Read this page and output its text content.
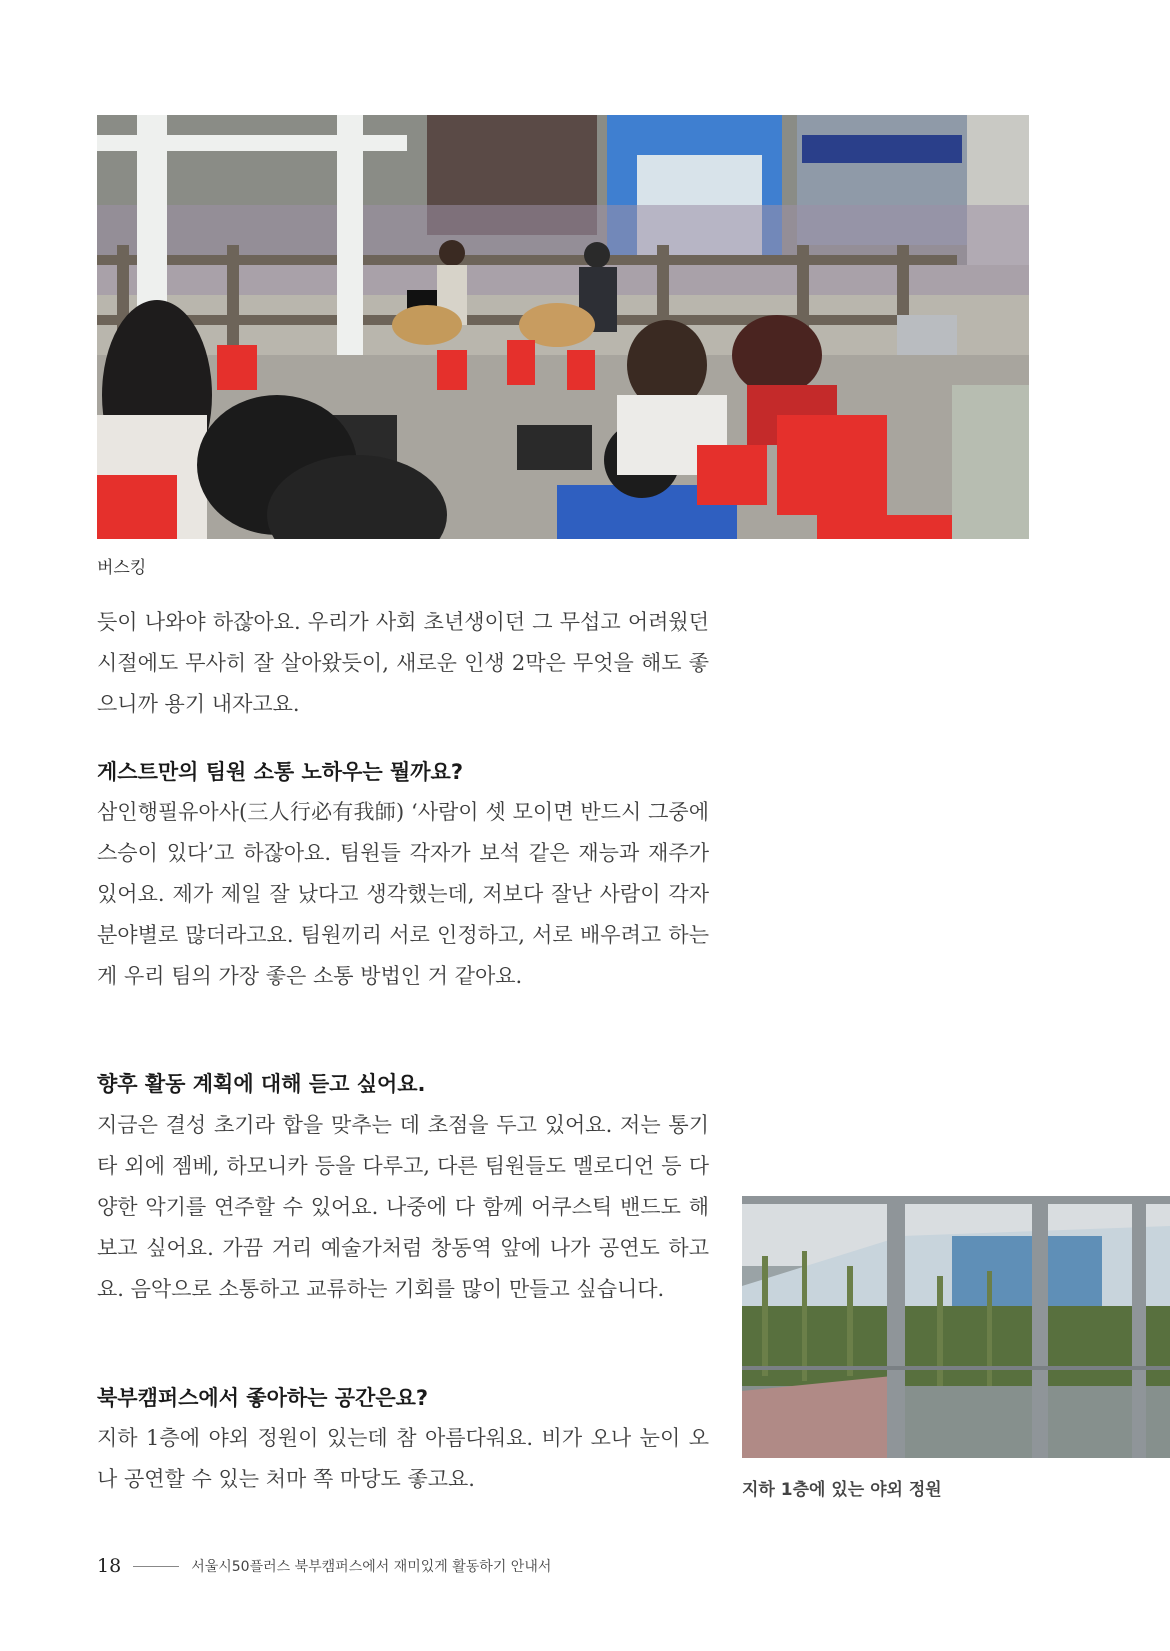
버스킹

듯이 나와야 하잖아요. 우리가 사회 초년생이던 그 무섭고 어려웠던 시절에도 무사히 잘 살아왔듯이, 새로운 인생 2막은 무엇을 해도 좋으니까 용기 내자고요.

게스트만의 팀원 소통 노하우는 뭘까요?

삼인행필유아사(三人行必有我師) ‘사람이 셋 모이면 반드시 그중에 스승이 있다’고 하잖아요. 팀원들 각자가 보석 같은 재능과 재주가 있어요. 제가 제일 잘 났다고 생각했는데, 저보다 잘난 사람이 각자 분야별로 많더라고요. 팀원끼리 서로 인정하고, 서로 배우려고 하는 게 우리 팀의 가장 좋은 소통 방법인 거 같아요.

향후 활동 계획에 대해 듣고 싶어요.

지금은 결성 초기라 합을 맞추는 데 초점을 두고 있어요. 저는 통기타 외에 젬베, 하모니카 등을 다루고, 다른 팀원들도 멜로디언 등 다양한 악기를 연주할 수 있어요. 나중에 다 함께 어쿠스틱 밴드도 해보고 싶어요. 가끔 거리 예술가처럼 창동역 앞에 나가 공연도 하고요. 음악으로 소통하고 교류하는 기회를 많이 만들고 싶습니다.

북부캠퍼스에서 좋아하는 공간은요?

지하 1층에 야외 정원이 있는데 참 아름다워요. 비가 오나 눈이 오나 공연할 수 있는 처마 쪽 마당도 좋고요.	지하 1층에 있는 야외 정원
18	서울시50플러스 북부캠퍼스에서 재미있게 활동하기 안내서
